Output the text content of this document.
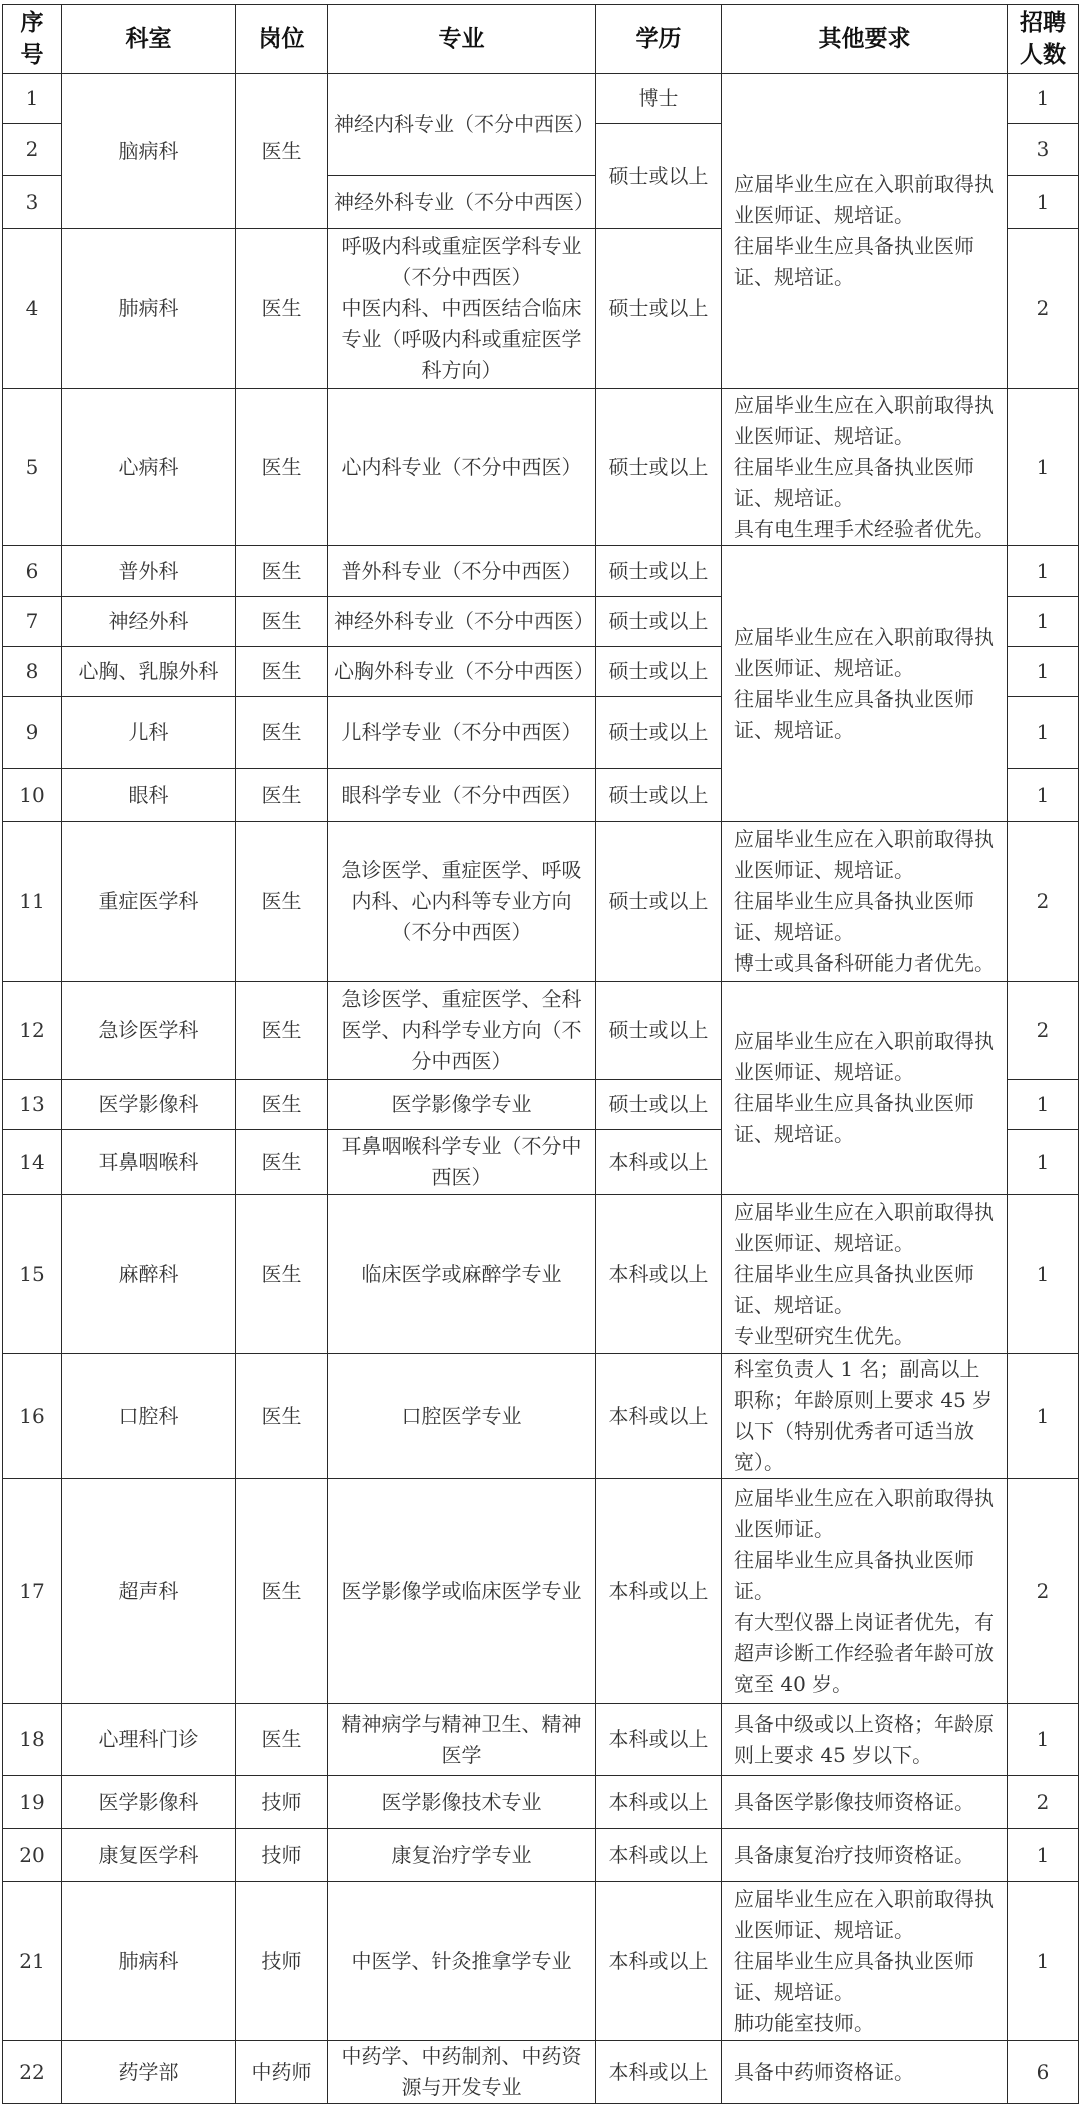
序号	科室	岗位	专业	学历	其他要求	招聘人数
1	脑病科	医生	神经内科专业（不分中西医）	博士	应届毕业生应在入职前取得执业医师证、规培证。
往届毕业生应具备执业医师证、规培证。	1
2				硕士或以上		3
3			神经外科专业（不分中西医）			1
4	肺病科	医生	呼吸内科或重症医学科专业（不分中西医）
中医内科、中西医结合临床专业（呼吸内科或重症医学科方向）	硕士或以上		2
5	心病科	医生	心内科专业（不分中西医）	硕士或以上	应届毕业生应在入职前取得执业医师证、规培证。
往届毕业生应具备执业医师证、规培证。
具有电生理手术经验者优先。	1
6	普外科	医生	普外科专业（不分中西医）	硕士或以上	应届毕业生应在入职前取得执业医师证、规培证。
往届毕业生应具备执业医师证、规培证。	1
7	神经外科	医生	神经外科专业（不分中西医）	硕士或以上		1
8	心胸、乳腺外科	医生	心胸外科专业（不分中西医）	硕士或以上		1
9	儿科	医生	儿科学专业（不分中西医）	硕士或以上		1
10	眼科	医生	眼科学专业（不分中西医）	硕士或以上		1
11	重症医学科	医生	急诊医学、重症医学、呼吸内科、心内科等专业方向（不分中西医）	硕士或以上	应届毕业生应在入职前取得执业医师证、规培证。
往届毕业生应具备执业医师证、规培证。
博士或具备科研能力者优先。	2
12	急诊医学科	医生	急诊医学、重症医学、全科医学、内科学专业方向（不分中西医）	硕士或以上	应届毕业生应在入职前取得执业医师证、规培证。
往届毕业生应具备执业医师证、规培证。	2
13	医学影像科	医生	医学影像学专业	硕士或以上		1
14	耳鼻咽喉科	医生	耳鼻咽喉科学专业（不分中西医）	本科或以上		1
15	麻醉科	医生	临床医学或麻醉学专业	本科或以上	应届毕业生应在入职前取得执业医师证、规培证。
往届毕业生应具备执业医师证、规培证。
专业型研究生优先。	1
16	口腔科	医生	口腔医学专业	本科或以上	科室负责人 1 名；副高以上职称；年龄原则上要求 45 岁以下（特别优秀者可适当放宽）。	1
17	超声科	医生	医学影像学或临床医学专业	本科或以上	应届毕业生应在入职前取得执业医师证。
往届毕业生应具备执业医师证。
有大型仪器上岗证者优先，有超声诊断工作经验者年龄可放宽至 40 岁。	2
18	心理科门诊	医生	精神病学与精神卫生、精神医学	本科或以上	具备中级或以上资格；年龄原则上要求 45 岁以下。	1
19	医学影像科	技师	医学影像技术专业	本科或以上	具备医学影像技师资格证。	2
20	康复医学科	技师	康复治疗学专业	本科或以上	具备康复治疗技师资格证。	1
21	肺病科	技师	中医学、针灸推拿学专业	本科或以上	应届毕业生应在入职前取得执业医师证、规培证。
往届毕业生应具备执业医师证、规培证。
肺功能室技师。	1
22	药学部	中药师	中药学、中药制剂、中药资源与开发专业	本科或以上	具备中药师资格证。	6
